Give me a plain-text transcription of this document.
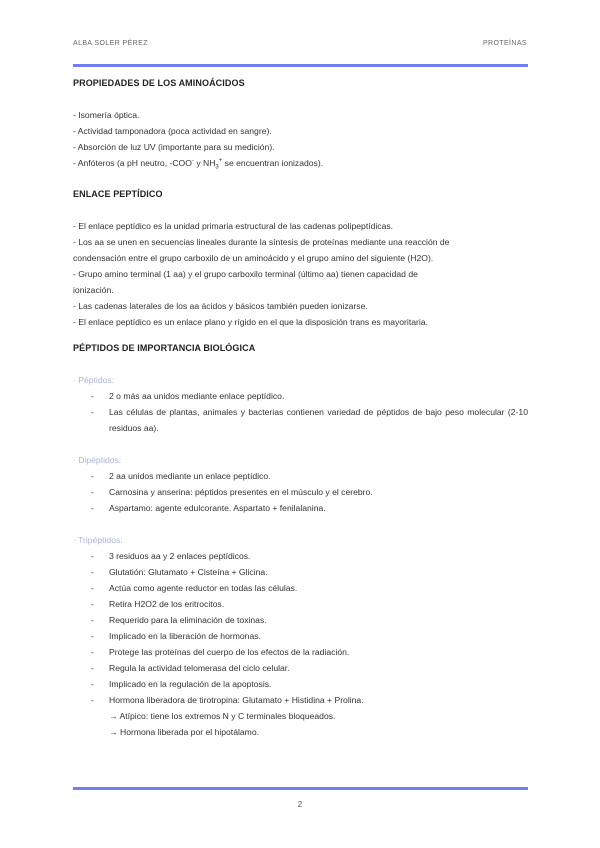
ALBA SOLER PÉREZ	PROTEÍNAS
PROPIEDADES DE LOS AMINOÁCIDOS

- Isomería óptica.

- Actividad tamponadora (poca actividad en sangre).

- Absorción de luz UV (importante para su medición).

- Anfóteros (a pH neutro, -COO- y $NH_3^+$ se encuentran ionizados).

ENLACE PEPTÍDICO

- El enlace peptídico es la unidad primaria estructural de las cadenas polipeptídicas.

- Los aa se unen en secuencias lineales durante la síntesis de proteínas mediante una reacción de

condensación entre el grupo carboxilo de un aminoácido y el grupo amino del siguiente (H2O).

- Grupo amino terminal (1 aa) y el grupo carboxilo terminal (último aa) tienen capacidad de

ionización.

- Las cadenas laterales de los aa ácidos y básicos también pueden ionizarse.

- El enlace peptídico es un enlace plano y rígido en el que la disposición trans es mayoritaria.

PÉPTIDOS DE IMPORTANCIA BIOLÓGICA

· Péptidos:

- 2 o más aa unidos mediante enlace peptídico.
- Las células de plantas, animales y bacterias contienen variedad de péptidos de bajo peso molecular (2-10 residuos aa).

· Dipéptidos:

- 2 aa unidos mediante un enlace peptídico.
- Carnosina y anserina: péptidos presentes en el músculo y el cerebro.
- Aspartamo: agente edulcorante. Aspartato + fenilalanina.

· Tripéptidos:

- 3 residuos aa y 2 enlaces peptídicos.
- Glutatión: Glutamato + Cisteína + Glicina.
- Actúa como agente reductor en todas las células.
- Retira H2O2 de los eritrocitos.
- Requerido para la eliminación de toxinas.
- Implicado en la liberación de hormonas.
- Protege las proteínas del cuerpo de los efectos de la radiación.
- Regula la actividad telomerasa del ciclo celular.
- Implicado en la regulación de la apoptosis.
- Hormona liberadora de tirotropina: Glutamato + Histidina + Prolina.

→ Atípico: tiene los extremos N y C terminales bloqueados.

→ Hormona liberada por el hipotálamo.

2
